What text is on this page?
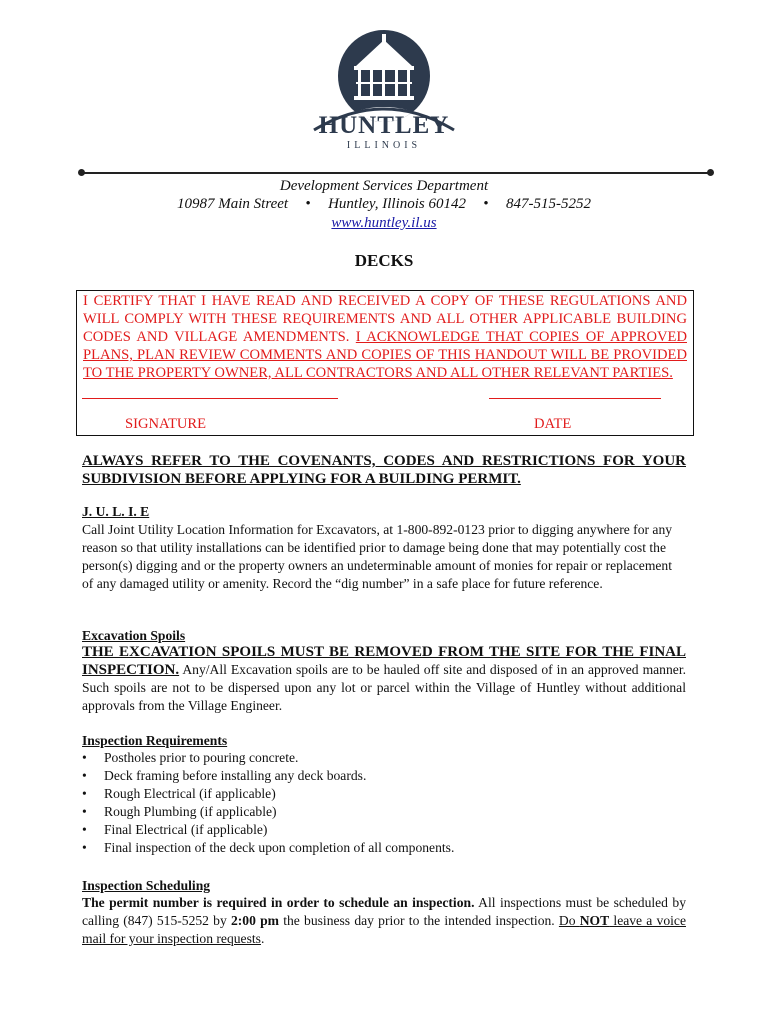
HUNTLEY
ILLINOIS
Development Services Department
10987 Main Street • Huntley, Illinois 60142 • 847-515-5252
www.huntley.il.us
DECKS

I CERTIFY THAT I HAVE READ AND RECEIVED A COPY OF THESE REGULATIONS AND WILL COMPLY WITH THESE REQUIREMENTS AND ALL OTHER APPLICABLE BUILDING CODES AND VILLAGE AMENDMENTS. I ACKNOWLEDGE THAT COPIES OF APPROVED PLANS, PLAN REVIEW COMMENTS AND COPIES OF THIS HANDOUT WILL BE PROVIDED TO THE PROPERTY OWNER, ALL CONTRACTORS AND ALL OTHER RELEVANT PARTIES.

SIGNATURE	DATE
ALWAYS REFER TO THE COVENANTS, CODES AND RESTRICTIONS FOR YOUR SUBDIVISION BEFORE APPLYING FOR A BUILDING PERMIT.
J. U. L. I. E
Call Joint Utility Location Information for Excavators, at 1-800-892-0123 prior to digging anywhere for any reason so that utility installations can be identified prior to damage being done that may potentially cost the person(s) digging and or the property owners an undeterminable amount of monies for repair or replacement of any damaged utility or amenity. Record the “dig number” in a safe place for future reference.
Excavation Spoils
THE EXCAVATION SPOILS MUST BE REMOVED FROM THE SITE FOR THE FINAL INSPECTION. Any/All Excavation spoils are to be hauled off site and disposed of in an approved manner. Such spoils are not to be dispersed upon any lot or parcel within the Village of Huntley without additional approvals from the Village Engineer.
Inspection Requirements
• Postholes prior to pouring concrete.
• Deck framing before installing any deck boards.
• Rough Electrical (if applicable)
• Rough Plumbing (if applicable)
• Final Electrical (if applicable)
• Final inspection of the deck upon completion of all components.
Inspection Scheduling
The permit number is required in order to schedule an inspection. All inspections must be scheduled by calling (847) 515-5252 by 2:00 pm the business day prior to the intended inspection. Do NOT leave a voice mail for your inspection requests.
